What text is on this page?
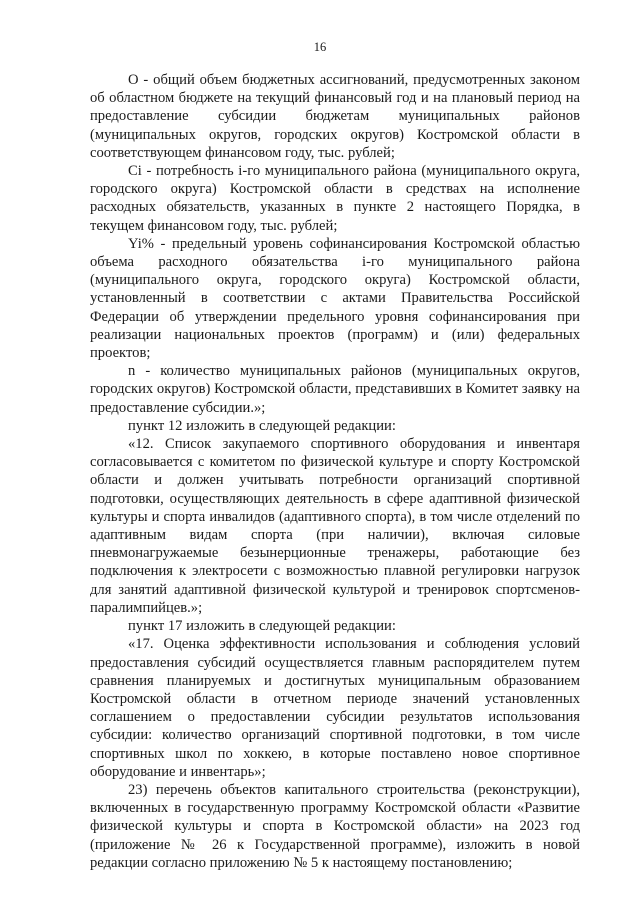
16

О - общий объем бюджетных ассигнований, предусмотренных законом об областном бюджете на текущий финансовый год и на плановый период на предоставление субсидии бюджетам муниципальных районов (муниципальных округов, городских округов) Костромской области в соответствующем финансовом году, тыс. рублей;

Ci - потребность i-го муниципального района (муниципального округа, городского округа) Костромской области в средствах на исполнение расходных обязательств, указанных в пункте 2 настоящего Порядка, в текущем финансовом году, тыс. рублей;

Yi% - предельный уровень софинансирования Костромской областью объема расходного обязательства i-го муниципального района (муниципального округа, городского округа) Костромской области, установленный в соответствии с актами Правительства Российской Федерации об утверждении предельного уровня софинансирования при реализации национальных проектов (программ) и (или) федеральных проектов;

n - количество муниципальных районов (муниципальных округов, городских округов) Костромской области, представивших в Комитет заявку на предоставление субсидии.»;

пункт 12 изложить в следующей редакции:

«12. Список закупаемого спортивного оборудования и инвентаря согласовывается с комитетом по физической культуре и спорту Костромской области и должен учитывать потребности организаций спортивной подготовки, осуществляющих деятельность в сфере адаптивной физической культуры и спорта инвалидов (адаптивного спорта), в том числе отделений по адаптивным видам спорта (при наличии), включая силовые пневмонагружаемые безынерционные тренажеры, работающие без подключения к электросети с возможностью плавной регулировки нагрузок для занятий адаптивной физической культурой и тренировок спортсменов-паралимпийцев.»;

пункт 17 изложить в следующей редакции:

«17. Оценка эффективности использования и соблюдения условий предоставления субсидий осуществляется главным распорядителем путем сравнения планируемых и достигнутых муниципальным образованием Костромской области в отчетном периоде значений установленных соглашением о предоставлении субсидии результатов использования субсидии: количество организаций спортивной подготовки, в том числе спортивных школ по хоккею, в которые поставлено новое спортивное оборудование и инвентарь»;

23) перечень объектов капитального строительства (реконструкции), включенных в государственную программу Костромской области «Развитие физической культуры и спорта в Костромской области» на 2023 год (приложение № 26 к Государственной программе), изложить в новой редакции согласно приложению № 5 к настоящему постановлению;
